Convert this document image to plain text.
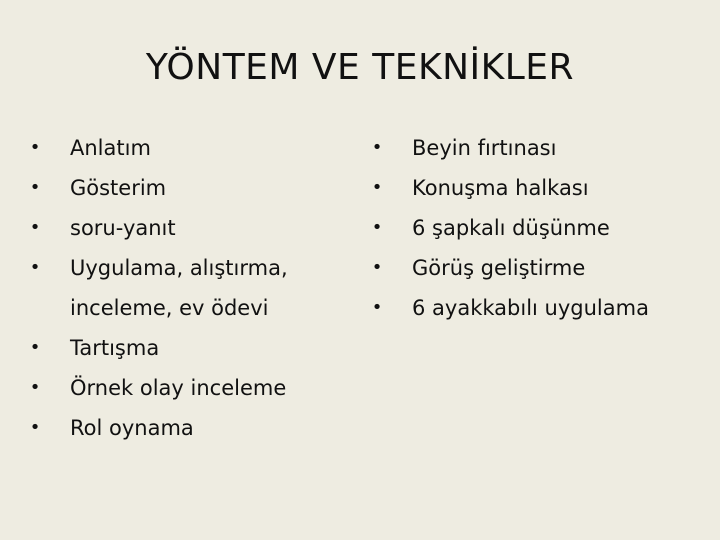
YÖNTEM VE TEKNİKLER
• Anlatım
• Gösterim
• soru-yanıt
• Uygulama, alıştırma,
inceleme, ev ödevi
• Tartışma
• Örnek olay inceleme
• Rol oynama
• Beyin fırtınası
• Konuşma halkası
• 6 şapkalı düşünme
• Görüş geliştirme
• 6 ayakkabılı uygulama
